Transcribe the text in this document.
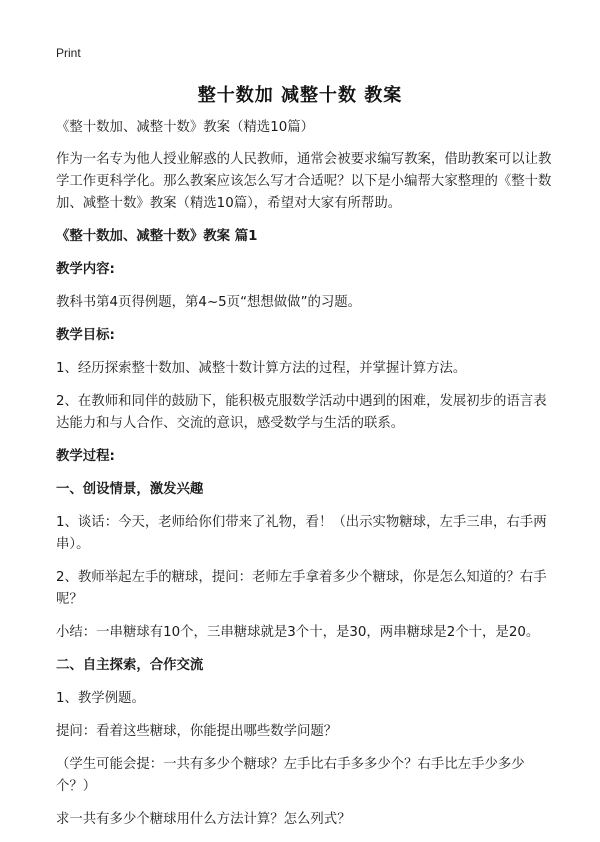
Print
整十数加 减整十数 教案

《整十数加、减整十数》教案（精选10篇）

作为一名专为他人授业解惑的人民教师，通常会被要求编写教案，借助教案可以让教学工作更科学化。那么教案应该怎么写才合适呢？以下是小编帮大家整理的《整十数加、减整十数》教案（精选10篇），希望对大家有所帮助。

《整十数加、减整十数》教案 篇1

教学内容:

教科书第4页得例题，第4~5页“想想做做”的习题。

教学目标:

1、经历探索整十数加、减整十数计算方法的过程，并掌握计算方法。

2、在教师和同伴的鼓励下，能积极克服数学活动中遇到的困难，发展初步的语言表达能力和与人合作、交流的意识，感受数学与生活的联系。

教学过程:

一、创设情景，激发兴趣

1、谈话：今天，老师给你们带来了礼物，看！（出示实物糖球，左手三串，右手两串）。

2、教师举起左手的糖球，提问：老师左手拿着多少个糖球，你是怎么知道的？右手呢？

小结：一串糖球有10个，三串糖球就是3个十，是30，两串糖球是2个十，是20。

二、自主探索，合作交流

1、教学例题。

提问：看着这些糖球，你能提出哪些数学问题？

（学生可能会提：一共有多少个糖球？左手比右手多多少个？右手比左手少多少个？）

求一共有多少个糖球用什么方法计算？怎么列式？
